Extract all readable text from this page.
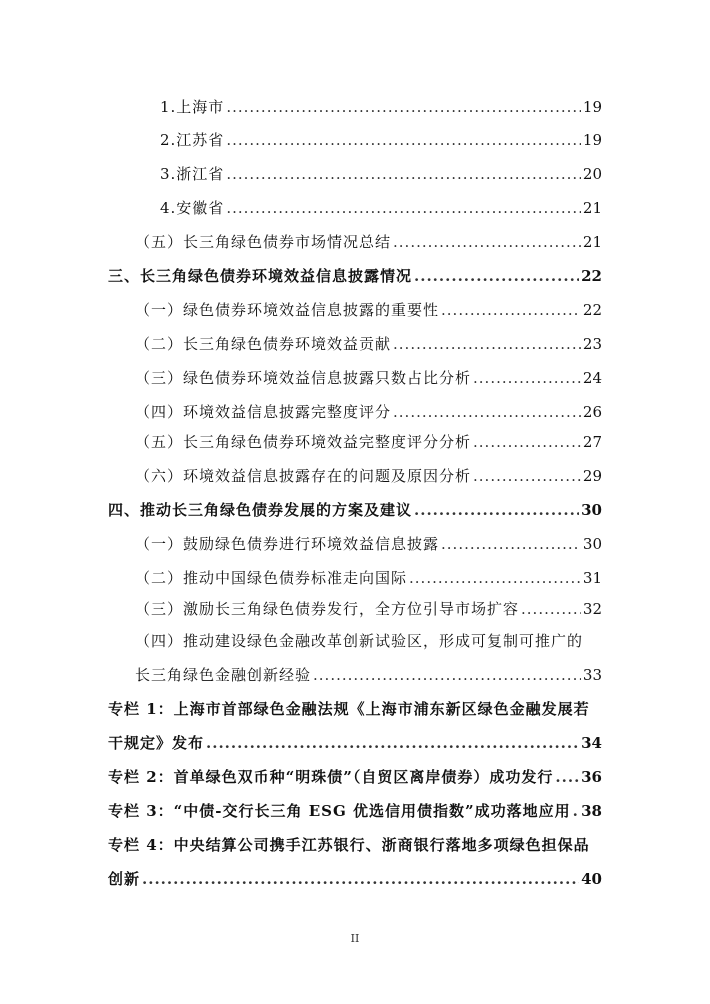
1.上海市 .....	19
2.江苏省 .....	19
3.浙江省 .....	20
4.安徽省 .....	21
（五）长三角绿色债券市场情况总结 .....	21
三、长三角绿色债券环境效益信息披露情况 .....	22
（一）绿色债券环境效益信息披露的重要性 .....	22
（二）长三角绿色债券环境效益贡献 .....	23
（三）绿色债券环境效益信息披露只数占比分析 .....	24
（四）环境效益信息披露完整度评分 .....	26
（五）长三角绿色债券环境效益完整度评分分析 .....	27
（六）环境效益信息披露存在的问题及原因分析 .....	29
四、推动长三角绿色债券发展的方案及建议 .....	30
（一）鼓励绿色债券进行环境效益信息披露 .....	30
（二）推动中国绿色债券标准走向国际 .....	31
（三）激励长三角绿色债券发行，全方位引导市场扩容 .....	32
（四）推动建设绿色金融改革创新试验区，形成可复制可推广的
长三角绿色金融创新经验 .....	33
专栏 1：上海市首部绿色金融法规《上海市浦东新区绿色金融发展若
干规定》发布 .....	34
专栏 2：首单绿色双币种“明珠债”（自贸区离岸债券）成功发行 ..... 36
专栏 3：“中债-交行长三角 ESG 优选信用债指数”成功落地应用 ..... 38
专栏 4：中央结算公司携手江苏银行、浙商银行落地多项绿色担保品
创新 .....	40
II
